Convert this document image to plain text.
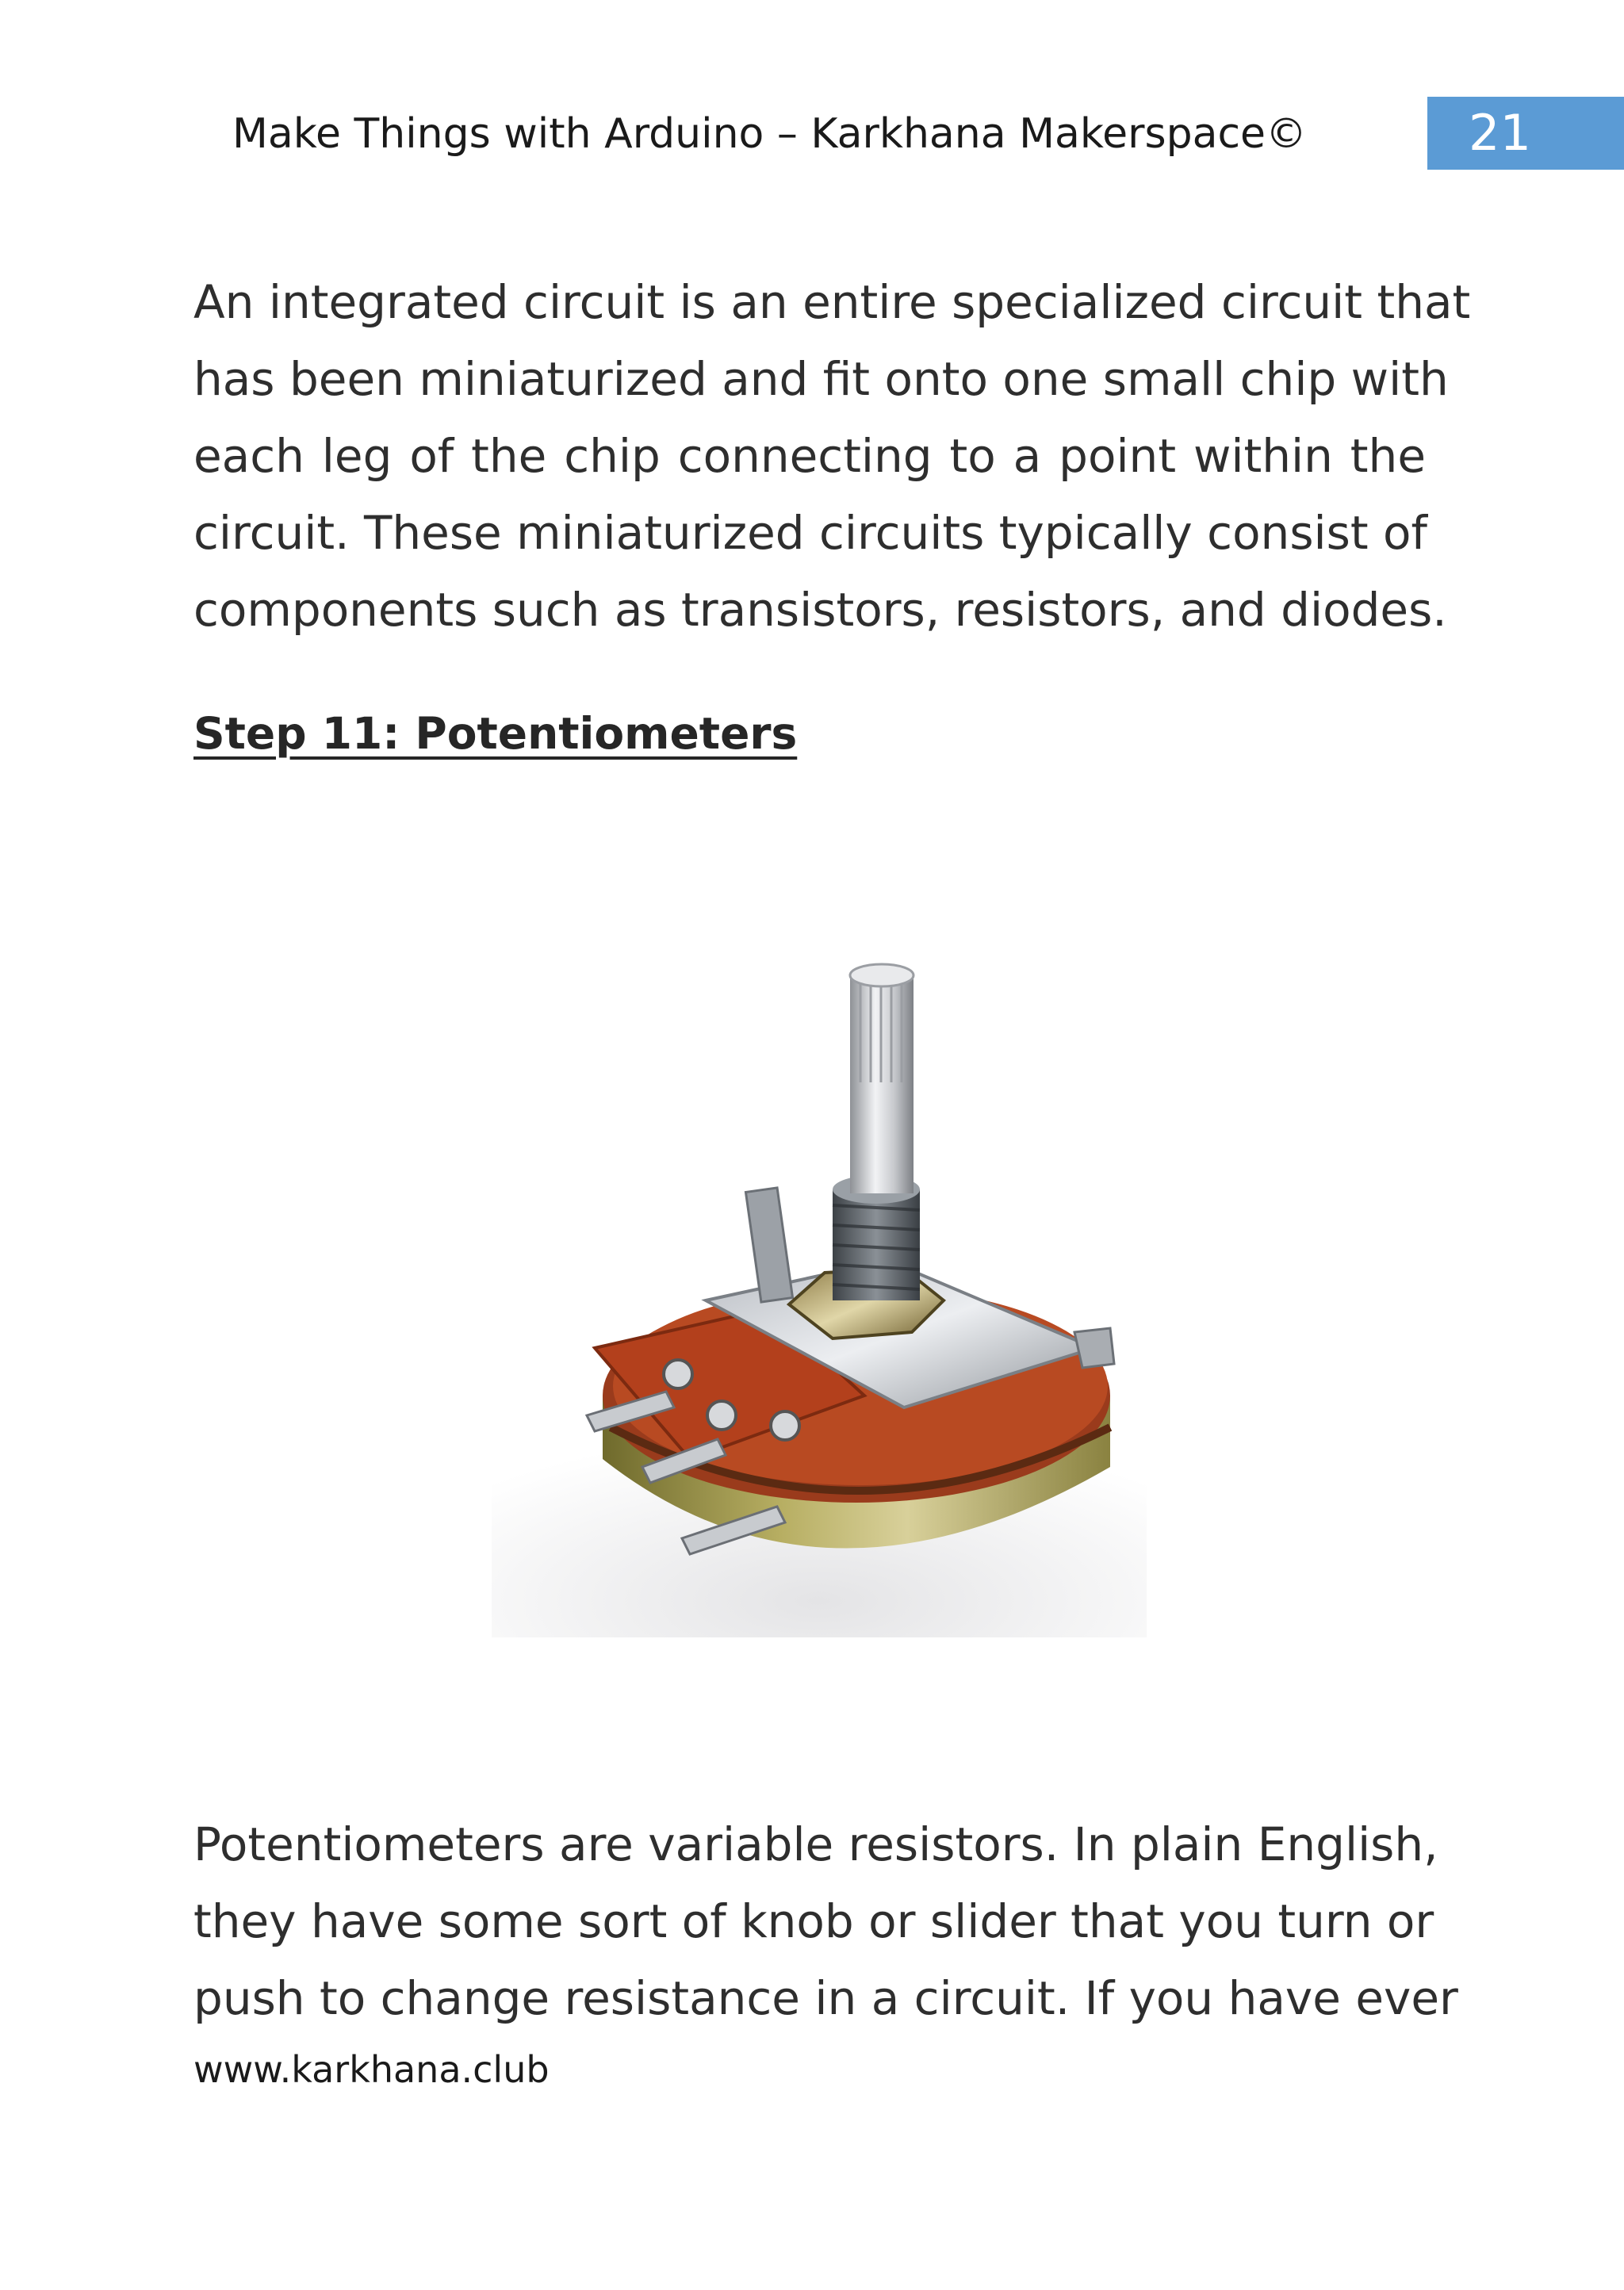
Make Things with Arduino – Karkhana Makerspace©	21
An integrated circuit is an entire specialized circuit that
has been miniaturized and fit onto one small chip with
each leg of the chip connecting to a point within the
circuit. These miniaturized circuits typically consist of
components such as transistors, resistors, and diodes.
Step 11: Potentiometers
Potentiometers are variable resistors. In plain English,
they have some sort of knob or slider that you turn or
push to change resistance in a circuit. If you have ever
www.karkhana.club
